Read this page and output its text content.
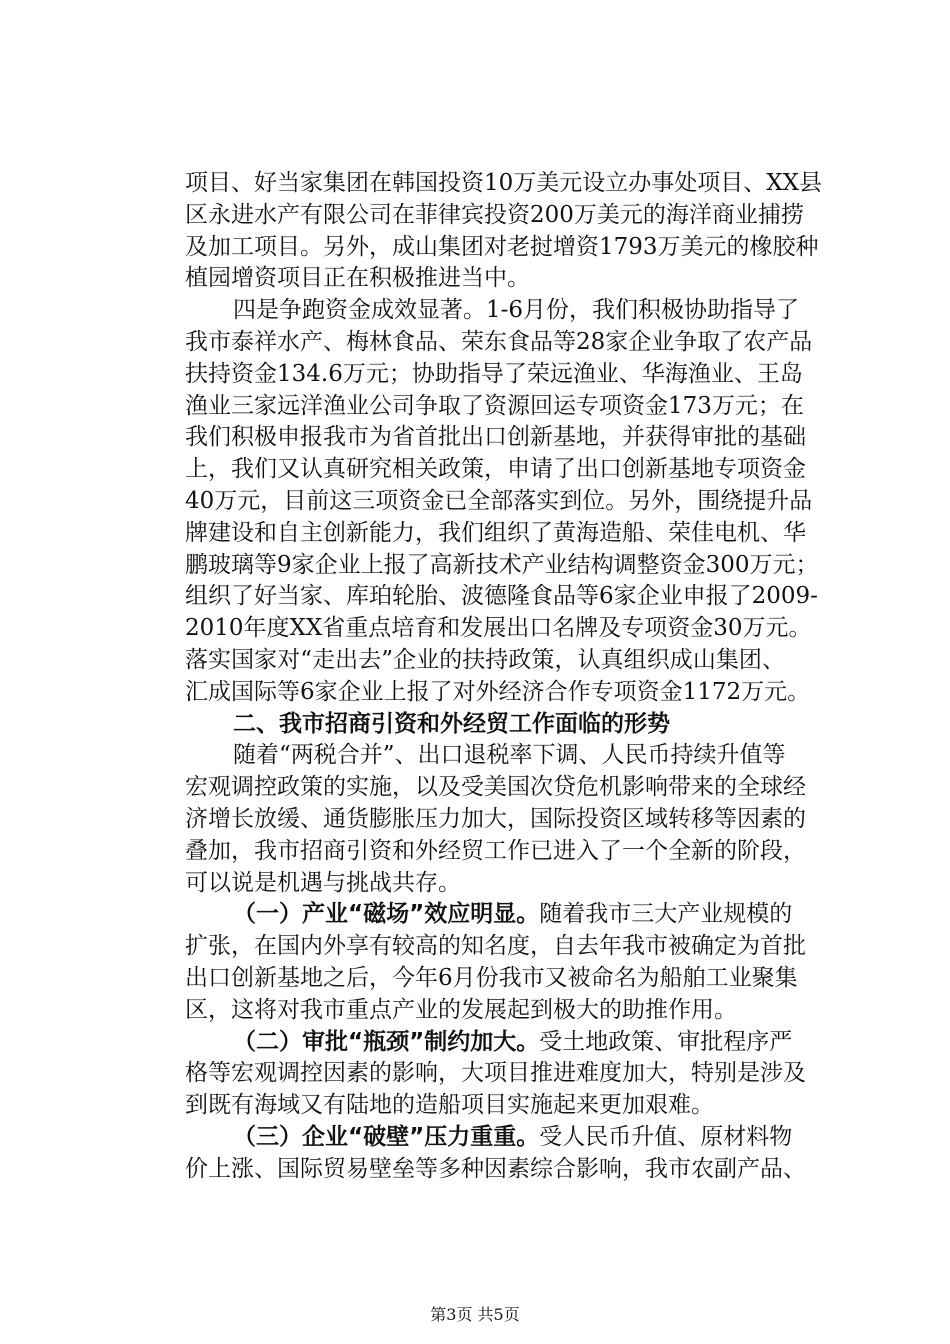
项目、好当家集团在韩国投资10万美元设立办事处项目、XX县
区永进水产有限公司在菲律宾投资200万美元的海洋商业捕捞
及加工项目。另外，成山集团对老挝增资1793万美元的橡胶种
植园增资项目正在积极推进当中。
四是争跑资金成效显著。1-6月份，我们积极协助指导了
我市泰祥水产、梅林食品、荣东食品等28家企业争取了农产品
扶持资金134.6万元；协助指导了荣远渔业、华海渔业、王岛
渔业三家远洋渔业公司争取了资源回运专项资金173万元；在
我们积极申报我市为省首批出口创新基地，并获得审批的基础
上，我们又认真研究相关政策，申请了出口创新基地专项资金
40万元，目前这三项资金已全部落实到位。另外，围绕提升品
牌建设和自主创新能力，我们组织了黄海造船、荣佳电机、华
鹏玻璃等9家企业上报了高新技术产业结构调整资金300万元；
组织了好当家、库珀轮胎、波德隆食品等6家企业申报了2009-
2010年度XX省重点培育和发展出口名牌及专项资金30万元。
落实国家对“走出去”企业的扶持政策，认真组织成山集团、
汇成国际等6家企业上报了对外经济合作专项资金1172万元。
二、我市招商引资和外经贸工作面临的形势
随着“两税合并”、出口退税率下调、人民币持续升值等
宏观调控政策的实施，以及受美国次贷危机影响带来的全球经
济增长放缓、通货膨胀压力加大，国际投资区域转移等因素的
叠加，我市招商引资和外经贸工作已进入了一个全新的阶段，
可以说是机遇与挑战共存。
（一）产业“磁场”效应明显。随着我市三大产业规模的
扩张，在国内外享有较高的知名度，自去年我市被确定为首批
出口创新基地之后，今年6月份我市又被命名为船舶工业聚集
区，这将对我市重点产业的发展起到极大的助推作用。
（二）审批“瓶颈”制约加大。受土地政策、审批程序严
格等宏观调控因素的影响，大项目推进难度加大，特别是涉及
到既有海域又有陆地的造船项目实施起来更加艰难。
（三）企业“破壁”压力重重。受人民币升值、原材料物
价上涨、国际贸易壁垒等多种因素综合影响，我市农副产品、
第3页 共5页
